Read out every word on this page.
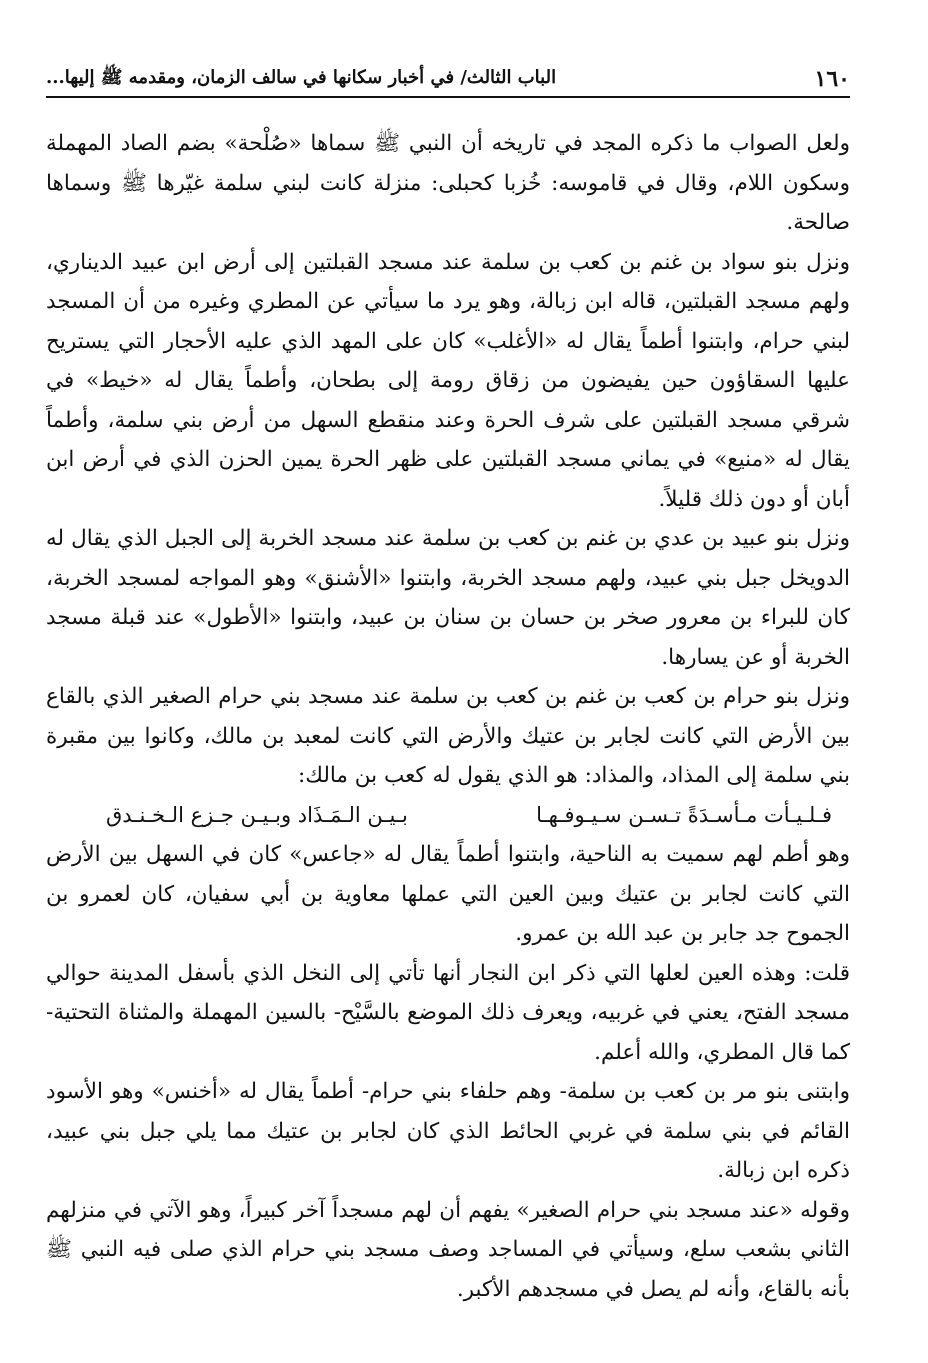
١٦٠
الباب الثالث/ في أخبار سكانها في سالف الزمان، ومقدمه ﷺ إليها...

ولعل الصواب ما ذكره المجد في تاريخه أن النبي ﷺ سماها «صُلْحة» بضم الصاد المهملة وسكون اللام، وقال في قاموسه: خُزبا كحبلى: منزلة كانت لبني سلمة غيّرها ﷺ وسماها صالحة.

ونزل بنو سواد بن غنم بن كعب بن سلمة عند مسجد القبلتين إلى أرض ابن عبيد الديناري، ولهم مسجد القبلتين، قاله ابن زبالة، وهو يرد ما سيأتي عن المطري وغيره من أن المسجد لبني حرام، وابتنوا أطماً يقال له «الأغلب» كان على المهد الذي عليه الأحجار التي يستريح عليها السقاؤون حين يفيضون من زقاق رومة إلى بطحان، وأطماً يقال له «خيط» في شرقي مسجد القبلتين على شرف الحرة وعند منقطع السهل من أرض بني سلمة، وأطماً يقال له «منيع» في يماني مسجد القبلتين على ظهر الحرة يمين الحزن الذي في أرض ابن أبان أو دون ذلك قليلاً.

ونزل بنو عبيد بن عدي بن غنم بن كعب بن سلمة عند مسجد الخربة إلى الجبل الذي يقال له الدويخل جبل بني عبيد، ولهم مسجد الخربة، وابتنوا «الأشنق» وهو المواجه لمسجد الخربة، كان للبراء بن معرور صخر بن حسان بن سنان بن عبيد، وابتنوا «الأطول» عند قبلة مسجد الخربة أو عن يسارها.

ونزل بنو حرام بن كعب بن غنم بن كعب بن سلمة عند مسجد بني حرام الصغير الذي بالقاع بين الأرض التي كانت لجابر بن عتيك والأرض التي كانت لمعبد بن مالك، وكانوا بين مقبرة بني سلمة إلى المذاد، والمذاد: هو الذي يقول له كعب بن مالك:

فـلـيـأت مـأسـدَةً تـسـن سـيـوفـهـا
بـيـن الـمَـذَاد وبـيـن جـزع الـخـنـدق

وهو أطم لهم سميت به الناحية، وابتنوا أطماً يقال له «جاعس» كان في السهل بين الأرض التي كانت لجابر بن عتيك وبين العين التي عملها معاوية بن أبي سفيان، كان لعمرو بن الجموح جد جابر بن عبد الله بن عمرو.

قلت: وهذه العين لعلها التي ذكر ابن النجار أنها تأتي إلى النخل الذي بأسفل المدينة حوالي مسجد الفتح، يعني في غربيه، ويعرف ذلك الموضع بالسَّيْح- بالسين المهملة والمثناة التحتية- كما قال المطري، والله أعلم.

وابتنى بنو مر بن كعب بن سلمة- وهم حلفاء بني حرام- أطماً يقال له «أخنس» وهو الأسود القائم في بني سلمة في غربي الحائط الذي كان لجابر بن عتيك مما يلي جبل بني عبيد، ذكره ابن زبالة.

وقوله «عند مسجد بني حرام الصغير» يفهم أن لهم مسجداً آخر كبيراً، وهو الآتي في منزلهم الثاني بشعب سلع، وسيأتي في المساجد وصف مسجد بني حرام الذي صلى فيه النبي ﷺ بأنه بالقاع، وأنه لم يصل في مسجدهم الأكبر.
